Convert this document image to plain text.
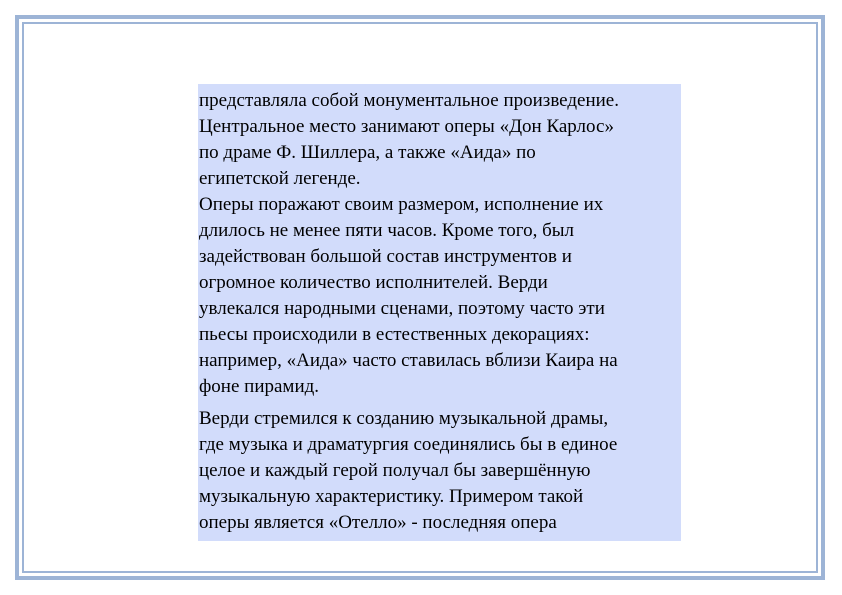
представляла собой монументальное произведение.
Центральное место занимают оперы «Дон Карлос»
по драме Ф. Шиллера, а также «Аида» по
египетской легенде.

Оперы поражают своим размером, исполнение их
длилось не менее пяти часов. Кроме того, был
задействован большой состав инструментов и
огромное количество исполнителей. Верди
увлекался народными сценами, поэтому часто эти
пьесы происходили в естественных декорациях:
например, «Аида» часто ставилась вблизи Каира на
фоне пирамид.

Верди стремился к созданию музыкальной драмы,
где музыка и драматургия соединялись бы в единое
целое и каждый герой получал бы завершённую
музыкальную характеристику. Примером такой
оперы является «Отелло» - последняя опера
